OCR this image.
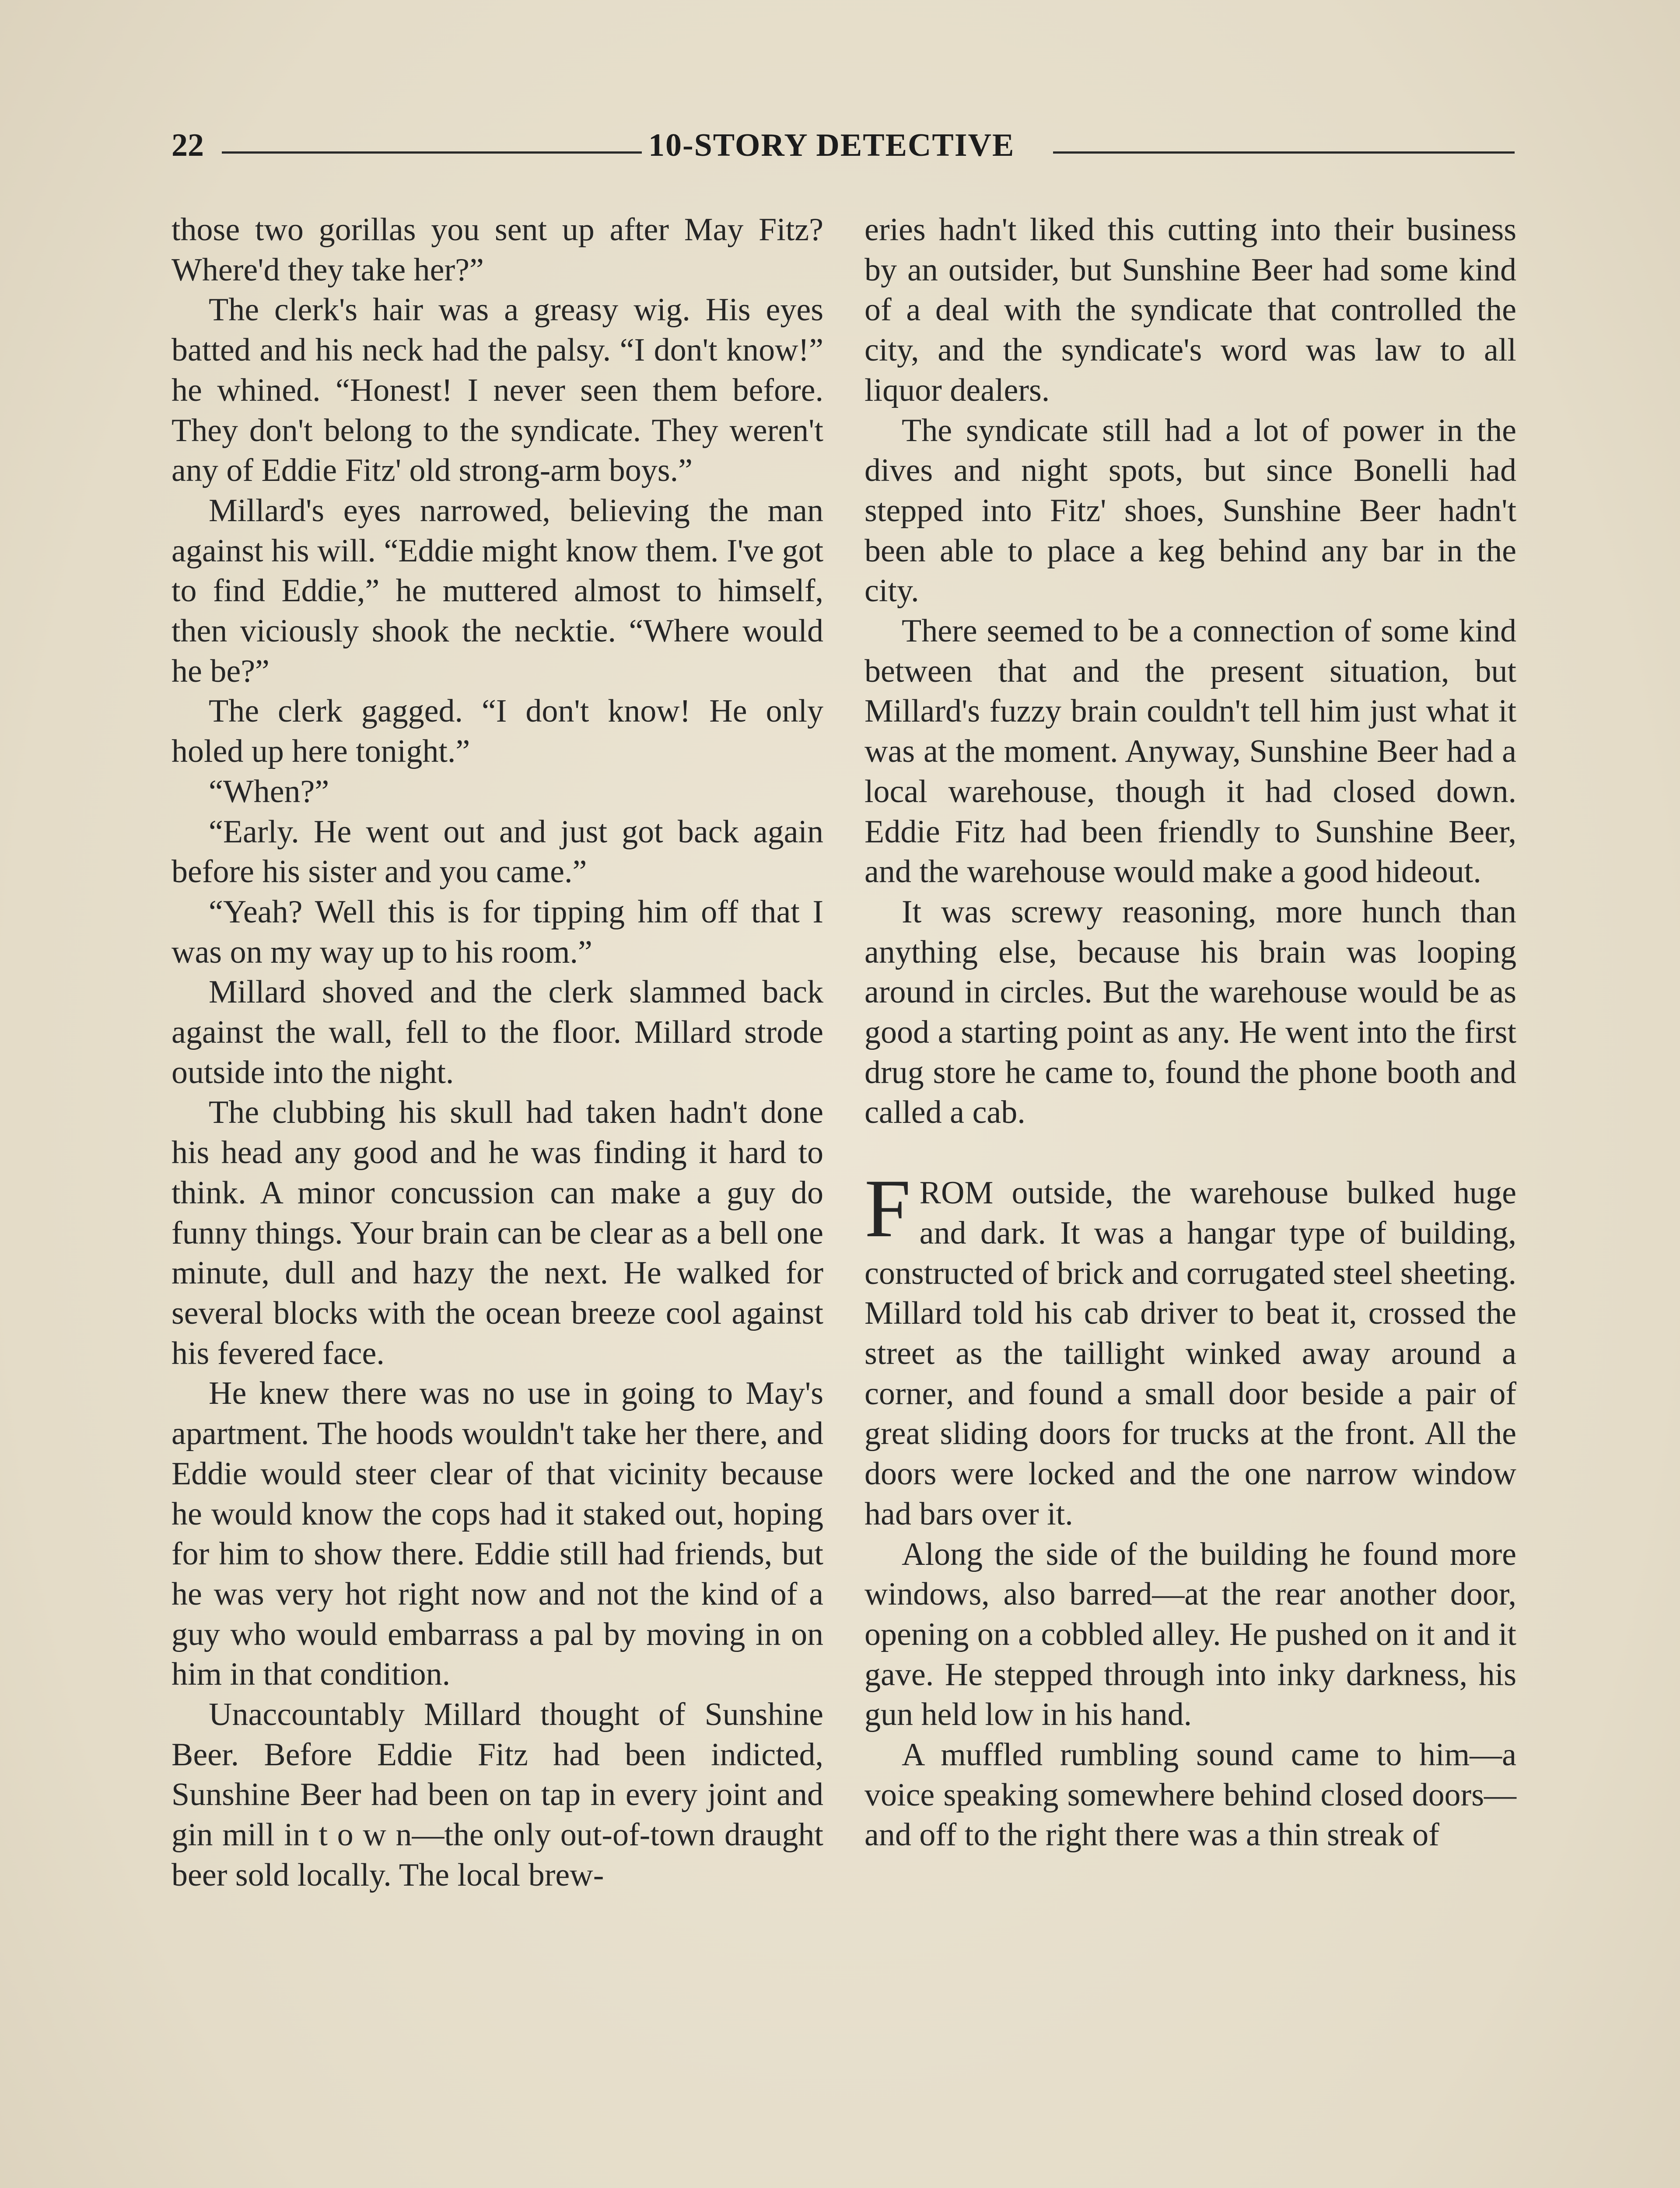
22	10-STORY DETECTIVE

those two gorillas you sent up after May Fitz? Where'd they take her?”

The clerk's hair was a greasy wig. His eyes batted and his neck had the palsy. “I don't know!” he whined. “Honest! I never seen them before. They don't belong to the syndicate. They weren't any of Eddie Fitz' old strong-arm boys.”

Millard's eyes narrowed, believing the man against his will. “Eddie might know them. I've got to find Eddie,” he muttered almost to himself, then viciously shook the necktie. “Where would he be?”

The clerk gagged. “I don't know! He only holed up here tonight.”

“When?”

“Early. He went out and just got back again before his sister and you came.”

“Yeah? Well this is for tipping him off that I was on my way up to his room.”

Millard shoved and the clerk slammed back against the wall, fell to the floor. Millard strode outside into the night.

The clubbing his skull had taken hadn't done his head any good and he was finding it hard to think. A minor concussion can make a guy do funny things. Your brain can be clear as a bell one minute, dull and hazy the next. He walked for several blocks with the ocean breeze cool against his fevered face.

He knew there was no use in going to May's apartment. The hoods wouldn't take her there, and Eddie would steer clear of that vicinity because he would know the cops had it staked out, hoping for him to show there. Eddie still had friends, but he was very hot right now and not the kind of a guy who would embarrass a pal by moving in on him in that condition.

Unaccountably Millard thought of Sunshine Beer. Before Eddie Fitz had been indicted, Sunshine Beer had been on tap in every joint and gin mill in t o w n—the only out-of-town draught beer sold locally. The local brew-

eries hadn't liked this cutting into their business by an outsider, but Sunshine Beer had some kind of a deal with the syndicate that controlled the city, and the syndicate's word was law to all liquor dealers.

The syndicate still had a lot of power in the dives and night spots, but since Bonelli had stepped into Fitz' shoes, Sunshine Beer hadn't been able to place a keg behind any bar in the city.

There seemed to be a connection of some kind between that and the present situation, but Millard's fuzzy brain couldn't tell him just what it was at the moment. Anyway, Sunshine Beer had a local warehouse, though it had closed down. Eddie Fitz had been friendly to Sunshine Beer, and the warehouse would make a good hideout.

It was screwy reasoning, more hunch than anything else, because his brain was looping around in circles. But the warehouse would be as good a starting point as any. He went into the first drug store he came to, found the phone booth and called a cab.

FROM outside, the warehouse bulked huge and dark. It was a hangar type of building, constructed of brick and corrugated steel sheeting. Millard told his cab driver to beat it, crossed the street as the taillight winked away around a corner, and found a small door beside a pair of great sliding doors for trucks at the front. All the doors were locked and the one narrow window had bars over it.

Along the side of the building he found more windows, also barred—at the rear another door, opening on a cobbled alley. He pushed on it and it gave. He stepped through into inky darkness, his gun held low in his hand.

A muffled rumbling sound came to him—a voice speaking somewhere behind closed doors—and off to the right there was a thin streak of
